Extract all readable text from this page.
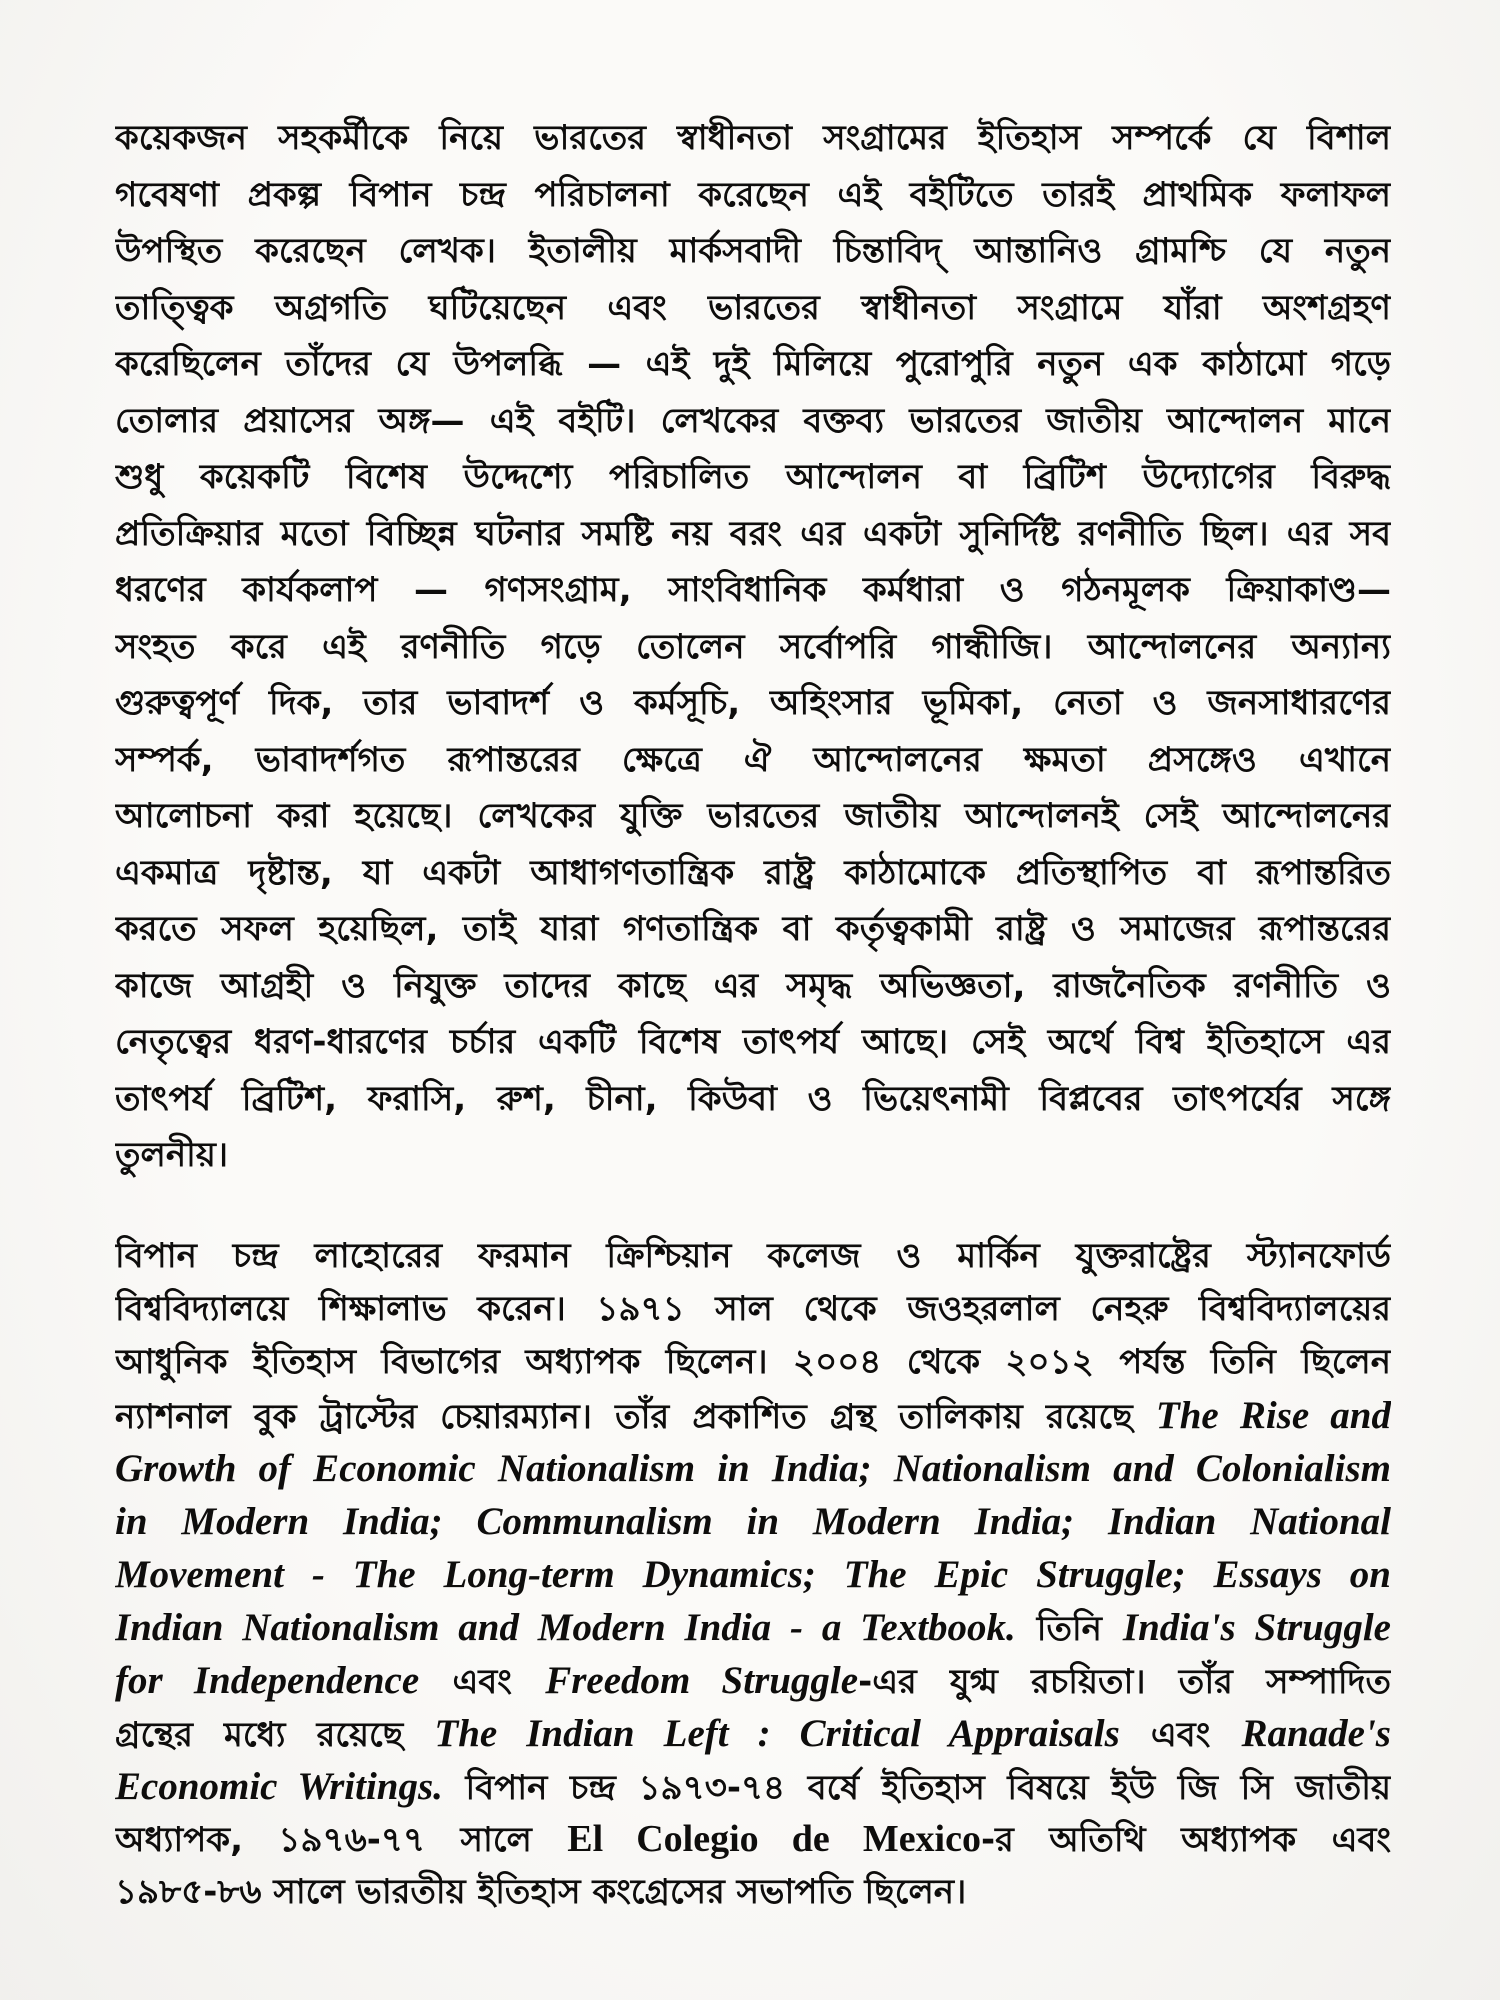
কয়েকজন সহকর্মীকে নিয়ে ভারতের স্বাধীনতা সংগ্রামের ইতিহাস সম্পর্কে যে বিশাল
গবেষণা প্রকল্প বিপান চন্দ্র পরিচালনা করেছেন এই বইটিতে তারই প্রাথমিক ফলাফল
উপস্থিত করেছেন লেখক। ইতালীয় মার্কসবাদী চিন্তাবিদ্ আন্তানিও গ্রামশ্চি যে নতুন
তাত্ত্বিক অগ্রগতি ঘটিয়েছেন এবং ভারতের স্বাধীনতা সংগ্রামে যাঁরা অংশগ্রহণ
করেছিলেন তাঁদের যে উপলব্ধি — এই দুই মিলিয়ে পুরোপুরি নতুন এক কাঠামো গড়ে
তোলার প্রয়াসের অঙ্গ— এই বইটি। লেখকের বক্তব্য ভারতের জাতীয় আন্দোলন মানে
শুধু কয়েকটি বিশেষ উদ্দেশ্যে পরিচালিত আন্দোলন বা ব্রিটিশ উদ্যোগের বিরুদ্ধ
প্রতিক্রিয়ার মতো বিচ্ছিন্ন ঘটনার সমষ্টি নয় বরং এর একটা সুনির্দিষ্ট রণনীতি ছিল। এর সব
ধরণের কার্যকলাপ — গণসংগ্রাম, সাংবিধানিক কর্মধারা ও গঠনমূলক ক্রিয়াকাণ্ড—
সংহত করে এই রণনীতি গড়ে তোলেন সর্বোপরি গান্ধীজি। আন্দোলনের অন্যান্য
গুরুত্বপূর্ণ দিক, তার ভাবাদর্শ ও কর্মসূচি, অহিংসার ভূমিকা, নেতা ও জনসাধারণের
সম্পর্ক, ভাবাদর্শগত রূপান্তরের ক্ষেত্রে ঐ আন্দোলনের ক্ষমতা প্রসঙ্গেও এখানে
আলোচনা করা হয়েছে। লেখকের যুক্তি ভারতের জাতীয় আন্দোলনই সেই আন্দোলনের
একমাত্র দৃষ্টান্ত, যা একটা আধাগণতান্ত্রিক রাষ্ট্র কাঠামোকে প্রতিস্থাপিত বা রূপান্তরিত
করতে সফল হয়েছিল, তাই যারা গণতান্ত্রিক বা কর্তৃত্বকামী রাষ্ট্র ও সমাজের রূপান্তরের
কাজে আগ্রহী ও নিযুক্ত তাদের কাছে এর সমৃদ্ধ অভিজ্ঞতা, রাজনৈতিক রণনীতি ও
নেতৃত্বের ধরণ-ধারণের চর্চার একটি বিশেষ তাৎপর্য আছে। সেই অর্থে বিশ্ব ইতিহাসে এর
তাৎপর্য ব্রিটিশ, ফরাসি, রুশ, চীনা, কিউবা ও ভিয়েৎনামী বিপ্লবের তাৎপর্যের সঙ্গে
তুলনীয়।
বিপান চন্দ্র লাহোরের ফরমান ক্রিশ্চিয়ান কলেজ ও মার্কিন যুক্তরাষ্ট্রের স্ট্যানফোর্ড
বিশ্ববিদ্যালয়ে শিক্ষালাভ করেন। ১৯৭১ সাল থেকে জওহরলাল নেহরু বিশ্ববিদ্যালয়ের
আধুনিক ইতিহাস বিভাগের অধ্যাপক ছিলেন। ২০০৪ থেকে ২০১২ পর্যন্ত তিনি ছিলেন
ন্যাশনাল বুক ট্রাস্টের চেয়ারম্যান। তাঁর প্রকাশিত গ্রন্থ তালিকায় রয়েছে The Rise and
Growth of Economic Nationalism in India; Nationalism and Colonialism
in Modern India; Communalism in Modern India; Indian National
Movement - The Long-term Dynamics; The Epic Struggle; Essays on
Indian Nationalism and Modern India - a Textbook. তিনি India's Struggle
for Independence এবং Freedom Struggle-এর যুগ্ম রচয়িতা। তাঁর সম্পাদিত
গ্রন্থের মধ্যে রয়েছে The Indian Left : Critical Appraisals এবং Ranade's
Economic Writings. বিপান চন্দ্র ১৯৭৩-৭৪ বর্ষে ইতিহাস বিষয়ে ইউ জি সি জাতীয়
অধ্যাপক, ১৯৭৬-৭৭ সালে El Colegio de Mexico-র অতিথি অধ্যাপক এবং
১৯৮৫-৮৬ সালে ভারতীয় ইতিহাস কংগ্রেসের সভাপতি ছিলেন।
